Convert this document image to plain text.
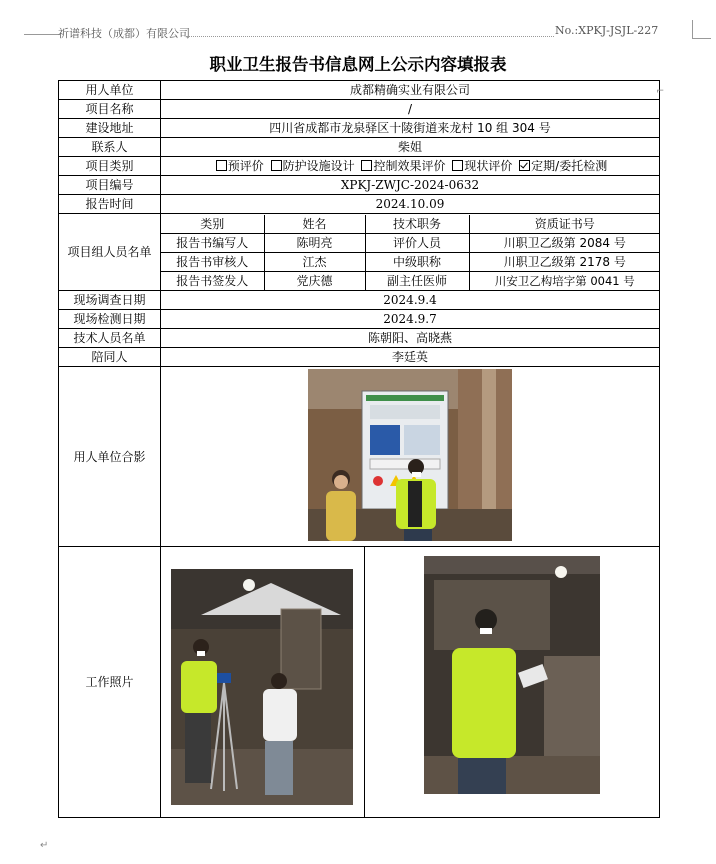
祈谱科技（成都）有限公司	No.:XPKJ-JSJL-227
职业卫生报告书信息网上公示内容填报表
用人单位	成都精确实业有限公司
项目名称	/
建设地址	四川省成都市龙泉驿区十陵街道来龙村 10 组 304 号
联系人	柴姐
项目类别	预评价 防护设施设计 控制效果评价 现状评价 定期/委托检测
项目编号	XPKJ-ZWJC-2024-0632
报告时间	2024.10.09
项目组人员名单	
类别	姓名	技术职务	资质证书号
报告书编写人	陈明亮	评价人员	川职卫乙级第 2084 号
报告书审核人	江杰	中级职称	川职卫乙级第 2178 号
报告书签发人	党庆德	副主任医师	川安卫乙构培字第 0041 号

现场调查日期	2024.9.4
现场检测日期	2024.9.7
技术人员名单	陈朝阳、高晓燕
陪同人	李廷英
用人单位合影	
工作照片	

⌐
↵
